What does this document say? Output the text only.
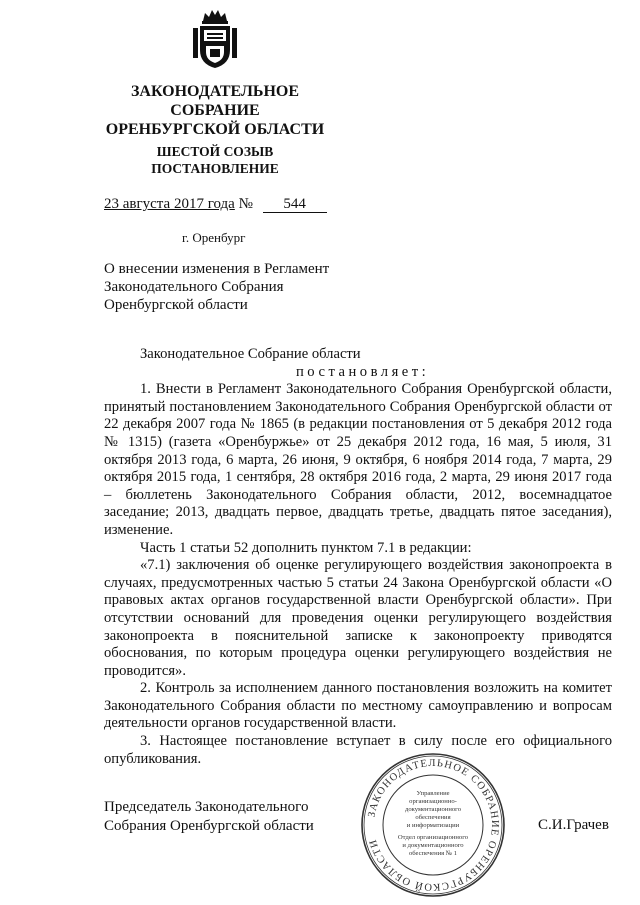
ЗАКОНОДАТЕЛЬНОЕ
СОБРАНИЕ
ОРЕНБУРГСКОЙ ОБЛАСТИ
ШЕСТОЙ СОЗЫВ
ПОСТАНОВЛЕНИЕ
23 августа 2017 года № 544
г. Оренбург
О внесении изменения в Регламент Законодательного Собрания Оренбургской области

Законодательное Собрание области

постановляет:

1. Внести в Регламент Законодательного Собрания Оренбургской области, принятый постановлением Законодательного Собрания Оренбургской области от 22 декабря 2007 года № 1865 (в редакции постановления от 5 декабря 2012 года № 1315) (газета «Оренбуржье» от 25 декабря 2012 года, 16 мая, 5 июля, 31 октября 2013 года, 6 марта, 26 июня, 9 октября, 6 ноября 2014 года, 7 марта, 29 октября 2015 года, 1 сентября, 28 октября 2016 года, 2 марта, 29 июня 2017 года – бюллетень Законодательного Собрания области, 2012, восемнадцатое заседание; 2013, двадцать первое, двадцать третье, двадцать пятое заседания), изменение.

Часть 1 статьи 52 дополнить пунктом 7.1 в редакции:

«7.1) заключения об оценке регулирующего воздействия законопроекта в случаях, предусмотренных частью 5 статьи 24 Закона Оренбургской области «О правовых актах органов государственной власти Оренбургской области». При отсутствии оснований для проведения оценки регулирующего воздействия законопроекта в пояснительной записке к законопроекту приводятся обоснования, по которым процедура оценки регулирующего воздействия не проводится».

2. Контроль за исполнением данного постановления возложить на комитет Законодательного Собрания области по местному самоуправлению и вопросам деятельности органов государственной власти.

3. Настоящее постановление вступает в силу после его официального опубликования.

Председатель Законодательного
Собрания Оренбургской области	С.И.Грачев
ЗАКОНОДАТЕЛЬНОЕ СОБРАНИЕ ОРЕНБУРГСКОЙ ОБЛАСТИ
Управление
организационно-
документационного
обеспечения
и информатизации
Отдел организационного
и документационного
обеспечения № 1
